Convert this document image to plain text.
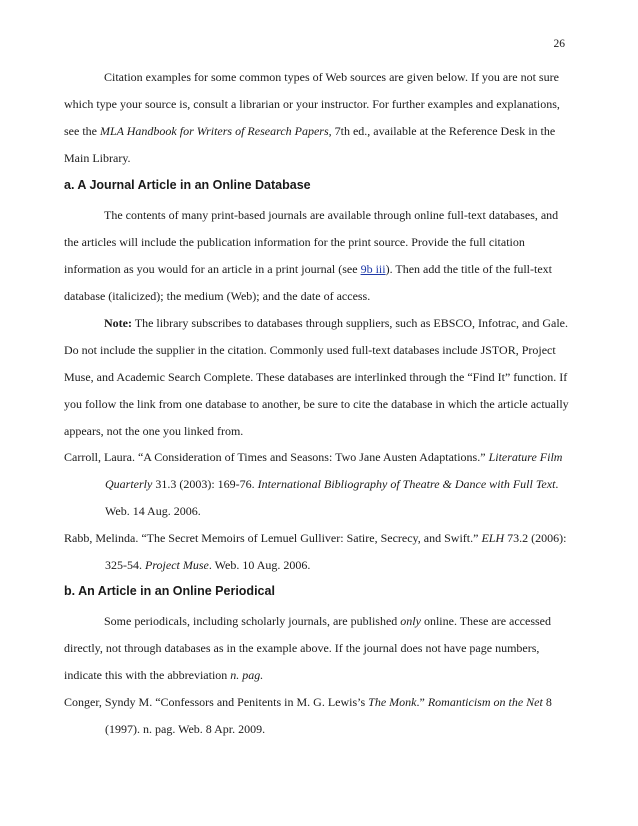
26

Citation examples for some common types of Web sources are given below. If you are not sure which type your source is, consult a librarian or your instructor. For further examples and explanations, see the MLA Handbook for Writers of Research Papers, 7th ed., available at the Reference Desk in the Main Library.

a. A Journal Article in an Online Database

The contents of many print-based journals are available through online full-text databases, and the articles will include the publication information for the print source. Provide the full citation information as you would for an article in a print journal (see 9b iii). Then add the title of the full-text database (italicized); the medium (Web); and the date of access.

Note: The library subscribes to databases through suppliers, such as EBSCO, Infotrac, and Gale. Do not include the supplier in the citation. Commonly used full-text databases include JSTOR, Project Muse, and Academic Search Complete. These databases are interlinked through the “Find It” function. If you follow the link from one database to another, be sure to cite the database in which the article actually appears, not the one you linked from.

Carroll, Laura. “A Consideration of Times and Seasons: Two Jane Austen Adaptations.” Literature Film Quarterly 31.3 (2003): 169-76. International Bibliography of Theatre & Dance with Full Text. Web. 14 Aug. 2006.

Rabb, Melinda. “The Secret Memoirs of Lemuel Gulliver: Satire, Secrecy, and Swift.” ELH 73.2 (2006): 325-54. Project Muse. Web. 10 Aug. 2006.

b. An Article in an Online Periodical

Some periodicals, including scholarly journals, are published only online. These are accessed directly, not through databases as in the example above. If the journal does not have page numbers, indicate this with the abbreviation n. pag.

Conger, Syndy M. “Confessors and Penitents in M. G. Lewis’s The Monk.” Romanticism on the Net 8 (1997). n. pag. Web. 8 Apr. 2009.
